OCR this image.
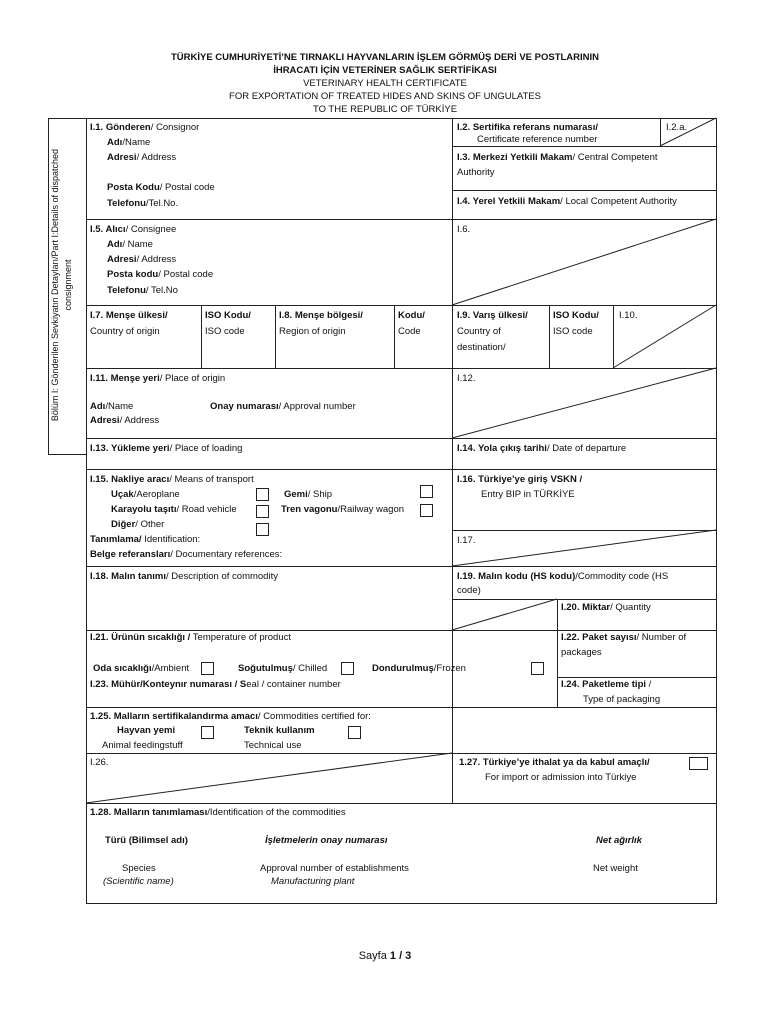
TÜRKİYE CUMHURİYETİ’NE TIRNAKLI HAYVANLARIN İŞLEM GÖRMÜŞ DERİ VE POSTLARININ
İHRACATI İÇİN VETERİNER SAĞLIK SERTİFİKASI
VETERINARY HEALTH CERTIFICATE
FOR EXPORTATION OF TREATED HIDES AND SKINS OF UNGULATES
TO THE REPUBLIC OF TÜRKİYE
Bölüm I: Gönderilen Sevkiyatın Detayları/Part I:Details of dispatched consignment
I.1. Gönderen/ Consignor
Adı/Name
Adresi/ Address
Posta Kodu/ Postal code
Telefonu/Tel.No.
I.2. Sertifika referans numarası/
Certificate reference number
I.2.a.
I.3. Merkezi Yetkili Makam/ Central Competent
Authority
I.4. Yerel Yetkili Makam/ Local Competent Authority
I.5. Alıcı/ Consignee
Adı/ Name
Adresi/ Address
Posta kodu/ Postal code
Telefonu/ Tel.No
I.6.
I.7. Menşe ülkesi/
Country of origin
ISO Kodu/
ISO code
I.8. Menşe bölgesi/
Region of origin
Kodu/
Code
I.9. Varış ülkesi/
Country of
destination/
ISO Kodu/
ISO code
I.10.
I.11. Menşe yeri/ Place of origin
Adı/Name	Onay numarası/ Approval number
Adresi/ Address
I.12.
I.13. Yükleme yeri/ Place of loading	I.14. Yola çıkış tarihi/ Date of departure
I.15. Nakliye aracı/ Means of transport
Uçak/Aeroplane	Gemi/ Ship
Karayolu taşıtı/ Road vehicle	Tren vagonu/Railway wagon
Diğer/ Other
Tanımlama/ Identification:
Belge referansları/ Documentary references:
I.16. Türkiye’ye giriş VSKN /
Entry BIP in TÜRKİYE
I.17.
I.18. Malın tanımı/ Description of commodity	I.19. Malın kodu (HS kodu)/Commodity code (HS
code)
I.20. Miktar/ Quantity
I.21. Ürünün sıcaklığı / Temperature of product
Oda sıcaklığı/Ambient	Soğutulmuş/ Chilled	Dondurulmuş/Frozen
I.22. Paket sayısı/ Number of
packages
I.23. Mühür/Konteynır numarası / Seal / container number	I.24. Paketleme tipi /
Type of packaging
1.25. Malların sertifikalandırma amacı/ Commodities certified for:
Hayvan yemi	Teknik kullanım
Animal feedingstuff	Technical use
I.26.	1.27. Türkiye’ye ithalat ya da kabul amaçlı/
For import or admission into Türkiye
1.28. Malların tanımlaması/Identification of the commodities
Türü (Bilimsel adı)	İşletmelerin onay numarası	Net ağırlık
Species
(Scientific name)
Approval number of establishments
Manufacturing plant
Net weight
Sayfa 1 / 3
